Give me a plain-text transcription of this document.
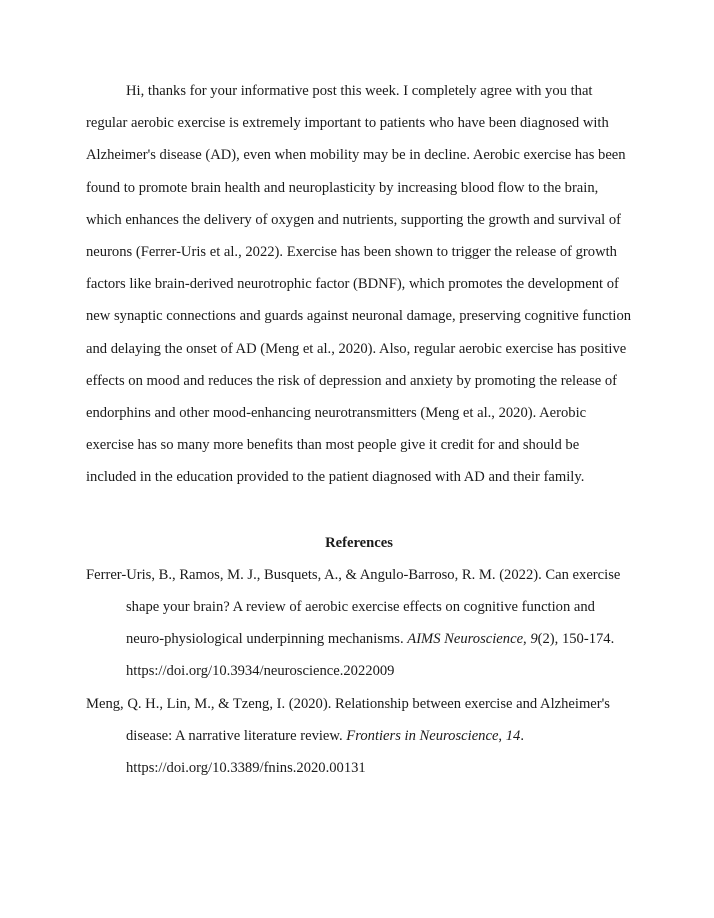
Hi, thanks for your informative post this week. I completely agree with you that regular aerobic exercise is extremely important to patients who have been diagnosed with Alzheimer's disease (AD), even when mobility may be in decline. Aerobic exercise has been found to promote brain health and neuroplasticity by increasing blood flow to the brain, which enhances the delivery of oxygen and nutrients, supporting the growth and survival of neurons (Ferrer-Uris et al., 2022). Exercise has been shown to trigger the release of growth factors like brain-derived neurotrophic factor (BDNF), which promotes the development of new synaptic connections and guards against neuronal damage, preserving cognitive function and delaying the onset of AD (Meng et al., 2020). Also, regular aerobic exercise has positive effects on mood and reduces the risk of depression and anxiety by promoting the release of endorphins and other mood-enhancing neurotransmitters (Meng et al., 2020). Aerobic exercise has so many more benefits than most people give it credit for and should be included in the education provided to the patient diagnosed with AD and their family.

References

Ferrer-Uris, B., Ramos, M. J., Busquets, A., & Angulo-Barroso, R. M. (2022). Can exercise shape your brain? A review of aerobic exercise effects on cognitive function and neuro-physiological underpinning mechanisms. AIMS Neuroscience, 9(2), 150-174. https://doi.org/10.3934/neuroscience.2022009

Meng, Q. H., Lin, M., & Tzeng, I. (2020). Relationship between exercise and Alzheimer's disease: A narrative literature review. Frontiers in Neuroscience, 14. https://doi.org/10.3389/fnins.2020.00131
